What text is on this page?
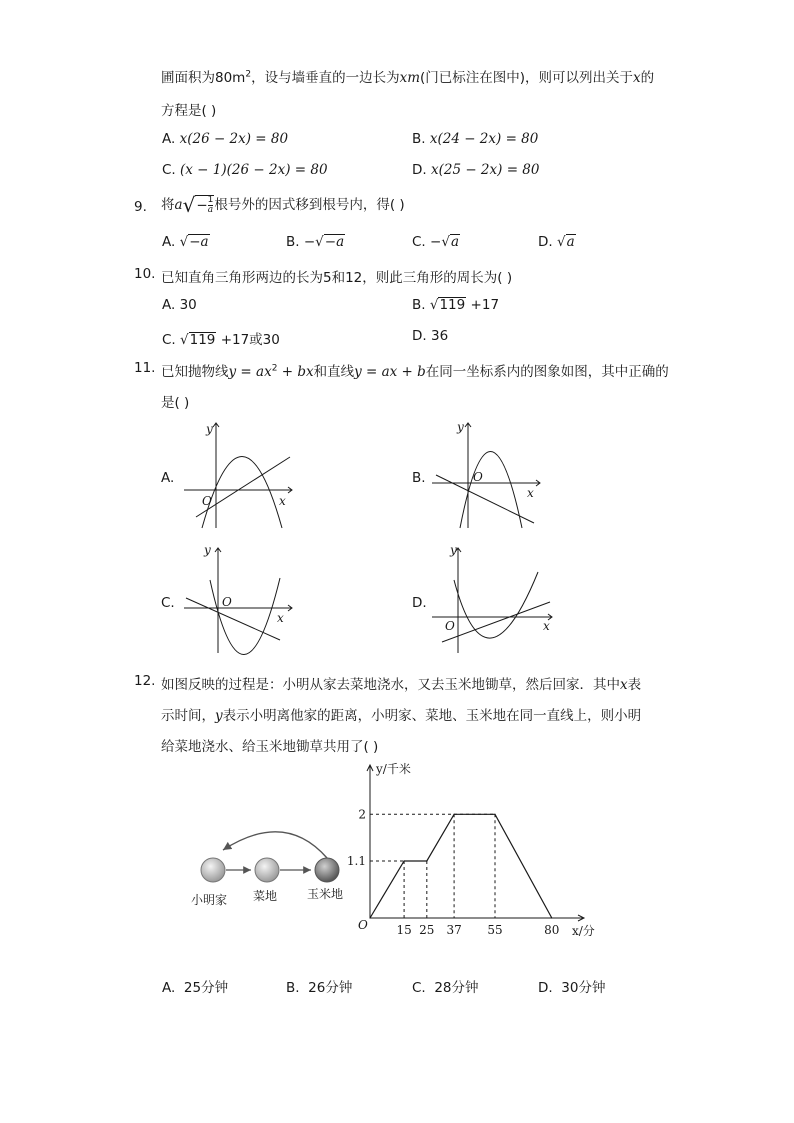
圃面积为$80m^2$，设与墙垂直的一边长为xm(门已标注在图中)，则可以列出关于x的
方程是( )
A. x(26 − 2x) = 80	B. x(24 − 2x) = 80
C. (x − 1)(26 − 2x) = 80	D. x(25 − 2x) = 80
9. 将$a√- \frac{1}{a}$ 根号外的因式移到根号内，得( )
A. √−a	B. −√−a	C. −√a	D. √a
10. 已知直角三角形两边的长为5和12，则此三角形的周长为( )
A. 30	B. √119 +17
C. √119 +17或30	D. 36
11. 已知抛物线$y = ax^2$ + bx和直线y = ax + b在同一坐标系内的图象如图，其中正确的
是( )
A.	B.
C.	D.
y
x
O
y
x
O
y
x
O
y
x
O
12. 如图反映的过程是：小明从家去菜地浇水，又去玉米地锄草，然后回家．其中x表
示时间，y表示小明离他家的距离，小明家、菜地、玉米地在同一直线上，则小明
给菜地浇水、给玉米地锄草共用了( )
小明家 菜地 玉米地
1.1
2
15 25 37 55	80
y/千米
x/分
O
A. 25分钟	B. 26分钟	C. 28分钟	D. 30分钟
